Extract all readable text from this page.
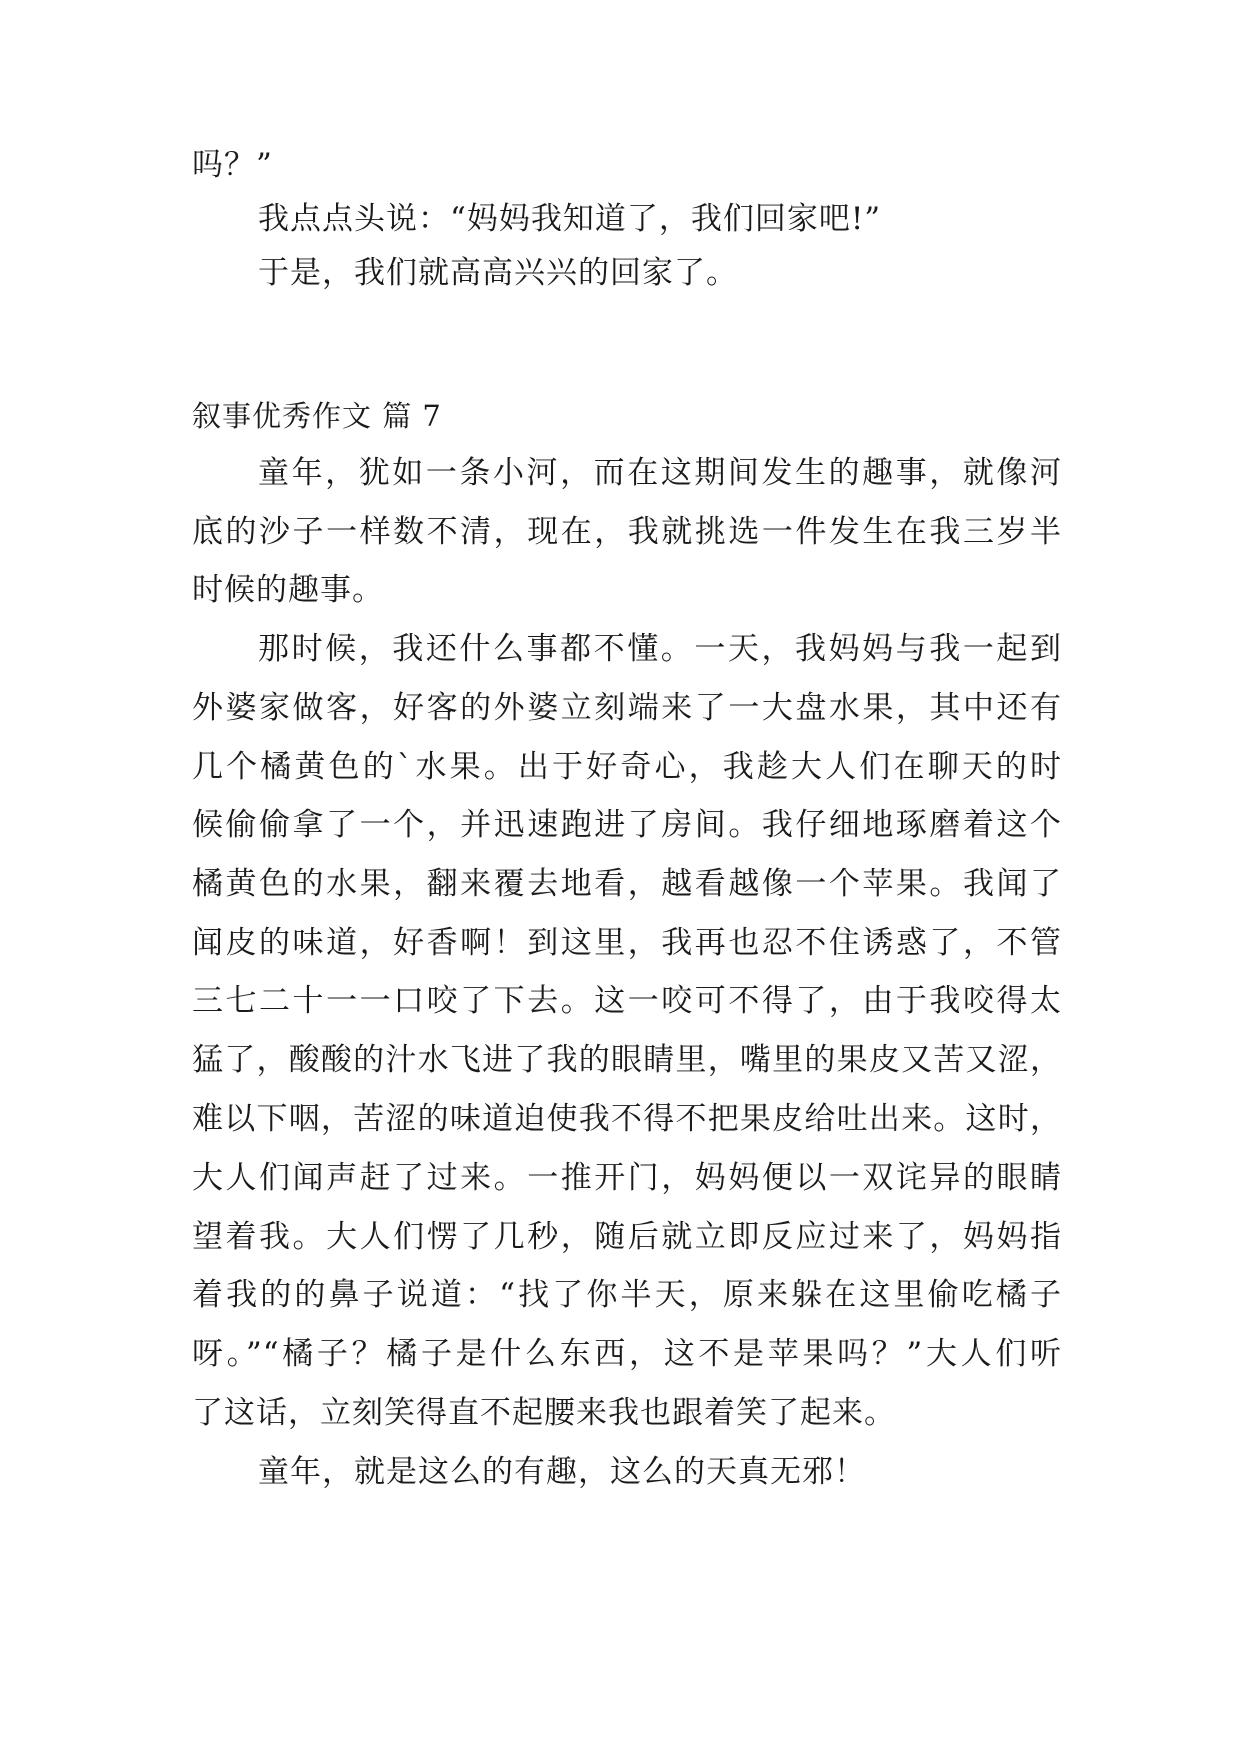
吗？”
我点点头说：“妈妈我知道了，我们回家吧!”
于是，我们就高高兴兴的回家了。
叙事优秀作文 篇 7
童年，犹如一条小河，而在这期间发生的趣事，就像河
底的沙子一样数不清，现在，我就挑选一件发生在我三岁半
时候的趣事。
那时候，我还什么事都不懂。一天，我妈妈与我一起到
外婆家做客，好客的外婆立刻端来了一大盘水果，其中还有
几个橘黄色的`水果。出于好奇心，我趁大人们在聊天的时
候偷偷拿了一个，并迅速跑进了房间。我仔细地琢磨着这个
橘黄色的水果，翻来覆去地看，越看越像一个苹果。我闻了
闻皮的味道，好香啊！到这里，我再也忍不住诱惑了，不管
三七二十一一口咬了下去。这一咬可不得了，由于我咬得太
猛了，酸酸的汁水飞进了我的眼睛里，嘴里的果皮又苦又涩，
难以下咽，苦涩的味道迫使我不得不把果皮给吐出来。这时，
大人们闻声赶了过来。一推开门，妈妈便以一双诧异的眼睛
望着我。大人们愣了几秒，随后就立即反应过来了，妈妈指
着我的的鼻子说道：“找了你半天，原来躲在这里偷吃橘子
呀。”“橘子？橘子是什么东西，这不是苹果吗？”大人们听
了这话，立刻笑得直不起腰来我也跟着笑了起来。
童年，就是这么的有趣，这么的天真无邪！
